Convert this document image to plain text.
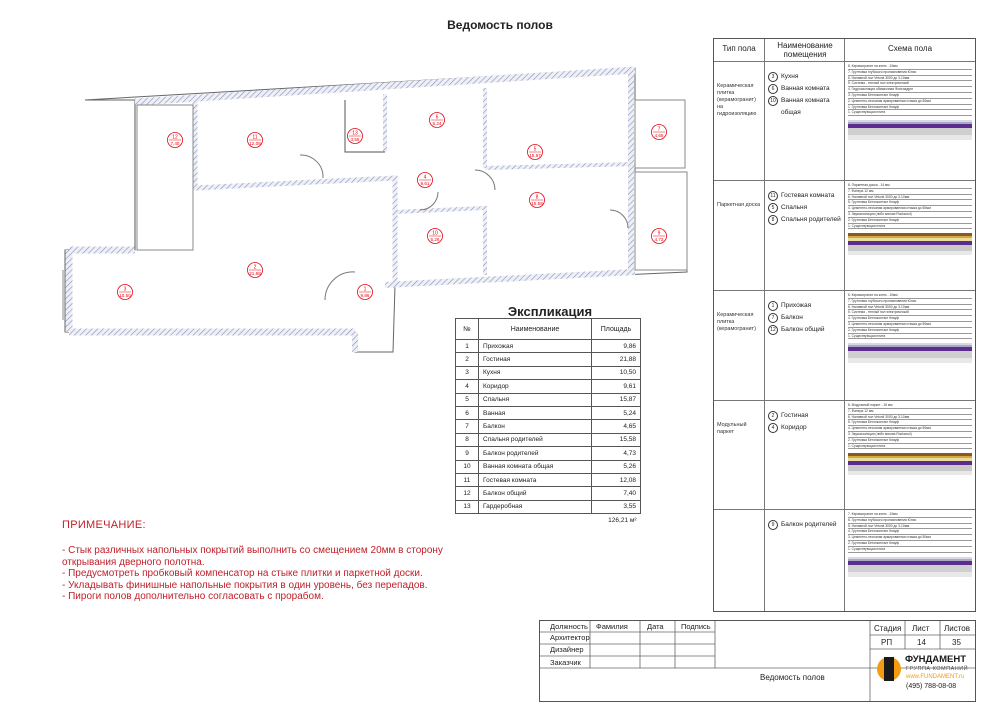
Ведомость полов
12
7,40
11
12,08
13
3,55
6
5,24
5
15,87
7
4,65
4
9,61
8
15,58
10
5,26
9
4,73
2
21,88
3
10,50
1
9,86
Экспликация
№	Наименование	Площадь
1	Прихожая	9,86
2	Гостиная	21,88
3	Кухня	10,50
4	Коридор	9,61
5	Спальня	15,87
6	Ванная	5,24
7	Балкон	4,65
8	Спальня родителей	15,58
9	Балкон родителей	4,73
10	Ванная комната общая	5,26
11	Гостевая комната	12,08
12	Балкон общий	7,40
13	Гардеробная	3,55
		126,21 м²
ПРИМЕЧАНИЕ:
- Стык различных напольных покрытий выполнить со смещением 20мм в сторону открывания дверного полотна.
- Предусмотреть пробковый компенсатор на стыке плитки и паркетной доски.
- Укладывать финишные напольные покрытия в один уровень, без перепадов.
- Пироги полов дополнительно согласовать с прорабом.
Тип пола	Наименование помещения
Схема пола
Керамическая плитка (керамогранит) на гидроизоляцию
3	Кухня
6	Ванная комната
10 Ванная комната общая
8. Керамогранит на клею - 10мм
7. Грунтовка глубокого проникновения Юнис
6. Наливной пол Vetonit 3000 до 3-10мм
5. Система - теплый пол электрический
4. Гидроизоляция обмазочная Фольпадунг
3. Грунтовка Бетонконтакт Кнауф
2. Цементно-песчаная армированная стяжка до 50мм
1. Грунтовка Бетонконтакт Кнауф
1. Существующая плита
Паркетная доска
11 Гостевая комната
5	Спальня
8	Спальня родителей
8. Паркетная доска - 14 мм
7. Фанера 12 мм
6. Наливной пол Vetonit 3000 до 3-10мм
5. Грунтовка Бетонконтакт Кнауф
4. Цементно-песчаная армированная стяжка до 50мм
3. Звукоизоляция (либо мягкая Rockwool)
2. Грунтовка Бетонконтакт Кнауф
1. Существующая плита
Керамическая плитка (керамогранит)
1	Прихожая
7	Балкон
12 Балкон общий
6. Керамогранит на клею - 10мм
7. Грунтовка глубокого проникновения Юнис
6. Наливной пол Vetonit 3000 до 3-10мм
5. Система - теплый пол электрический
4. Грунтовка Бетонконтакт Кнауф
3. Цементно-песчаная армированная стяжка до 50мм
2. Грунтовка Бетонконтакт Кнауф
1. Существующая плита
Модульный паркет
2	Гостиная
4	Коридор
8. Модульный паркет - 16 мм
7. Фанера 12 мм
6. Наливной пол Vetonit 3000 до 3-10мм
5. Грунтовка Бетонконтакт Кнауф
4. Цементно-песчаная армированная стяжка до 50мм
3. Звукоизоляция (либо мягкая Rockwool)
2. Грунтовка Бетонконтакт Кнауф
1. Существующая плита
9	Балкон родителей
7. Керамогранит на клею - 10мм
6. Грунтовка глубокого проникновения Юнис
5. Наливной пол Vetonit 3000 до 3-10мм
4. Грунтовка Бетонконтакт Кнауф
3. Цементно-песчаная армированная стяжка до 50мм
2. Грунтовка Бетонконтакт Кнауф
1. Существующая плита
Должность Фамилия	Дата Подпись
Архитектор
Дизайнер
Заказчик
Стадия Лист Листов
РП	14	35
Ведомость полов
ФУНДАМЕНТ
ГРУППА КОМПАНИЙ
www.FUNDAMENT.ru
(495) 788-08-08
